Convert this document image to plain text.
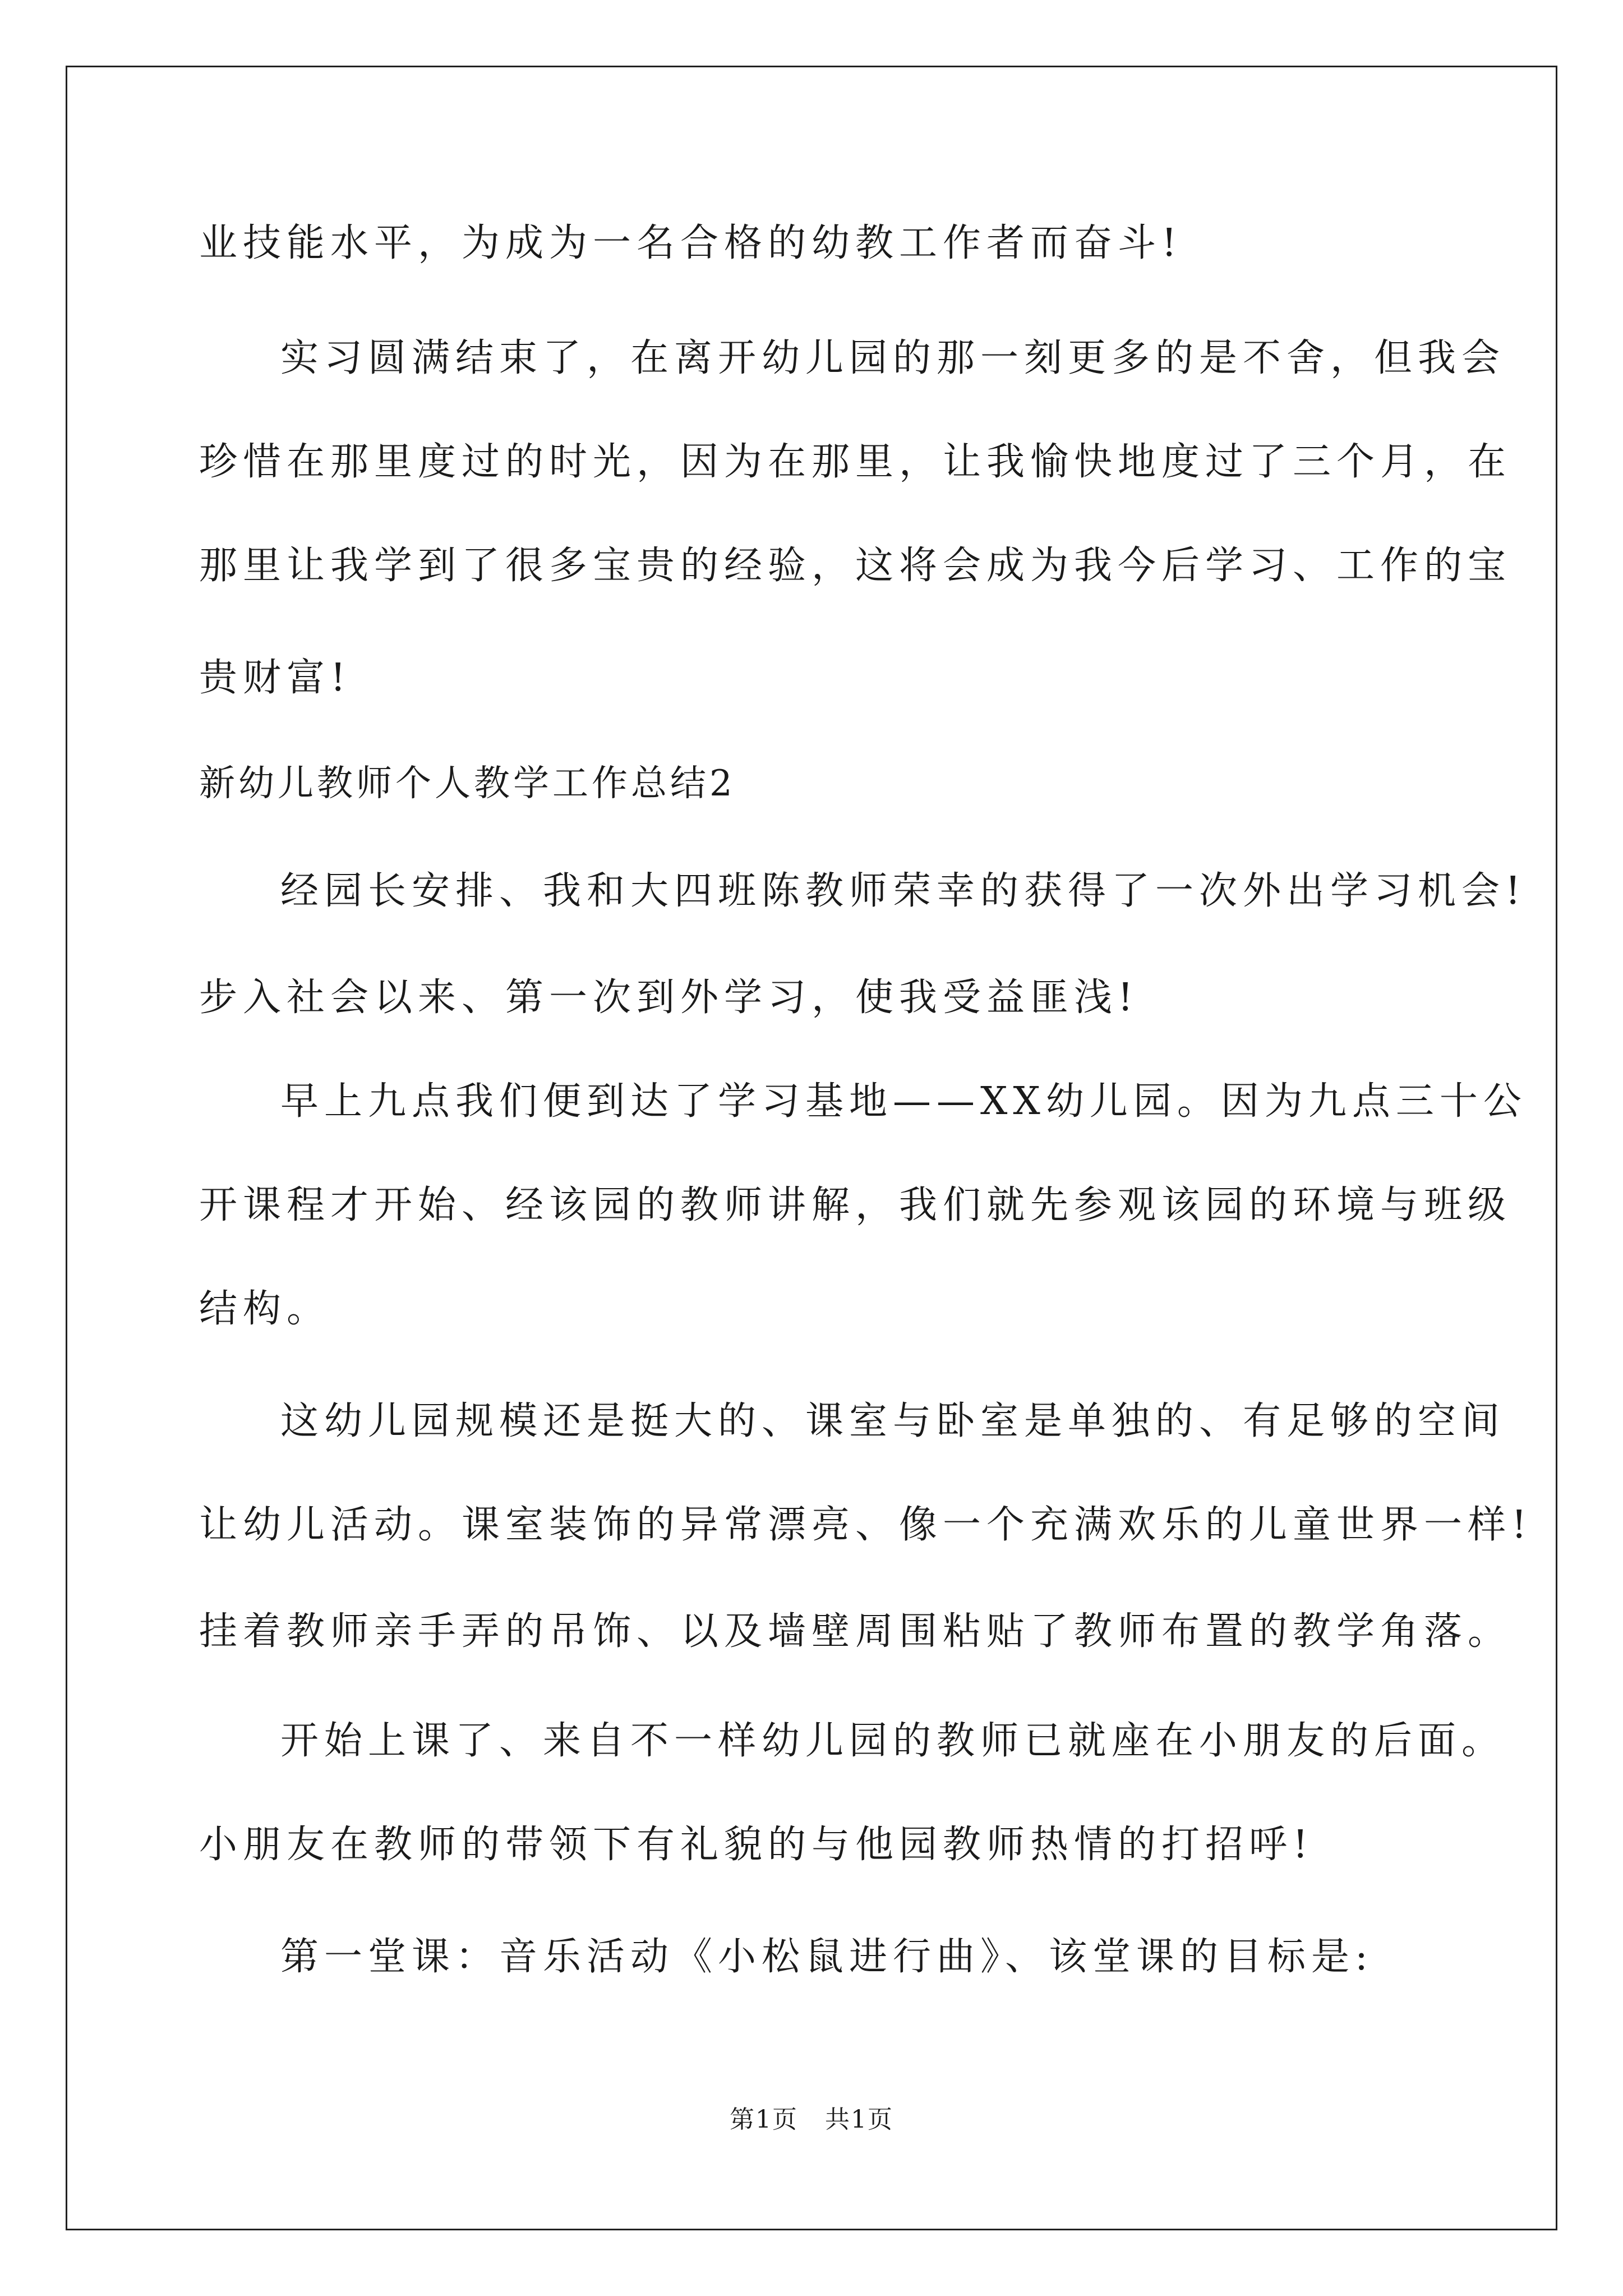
业技能水平，为成为一名合格的幼教工作者而奋斗!
实习圆满结束了，在离开幼儿园的那一刻更多的是不舍，但我会
珍惜在那里度过的时光，因为在那里，让我愉快地度过了三个月，在
那里让我学到了很多宝贵的经验，这将会成为我今后学习、工作的宝
贵财富!
新幼儿教师个人教学工作总结2
经园长安排、我和大四班陈教师荣幸的获得了一次外出学习机会!
步入社会以来、第一次到外学习，使我受益匪浅!
早上九点我们便到达了学习基地——XX幼儿园。因为九点三十公
开课程才开始、经该园的教师讲解，我们就先参观该园的环境与班级
结构。
这幼儿园规模还是挺大的、课室与卧室是单独的、有足够的空间
让幼儿活动。课室装饰的异常漂亮、像一个充满欢乐的儿童世界一样!
挂着教师亲手弄的吊饰、以及墙壁周围粘贴了教师布置的教学角落。
开始上课了、来自不一样幼儿园的教师已就座在小朋友的后面。
小朋友在教师的带领下有礼貌的与他园教师热情的打招呼!
第一堂课：音乐活动《小松鼠进行曲》、该堂课的目标是:
第1页   共1页
